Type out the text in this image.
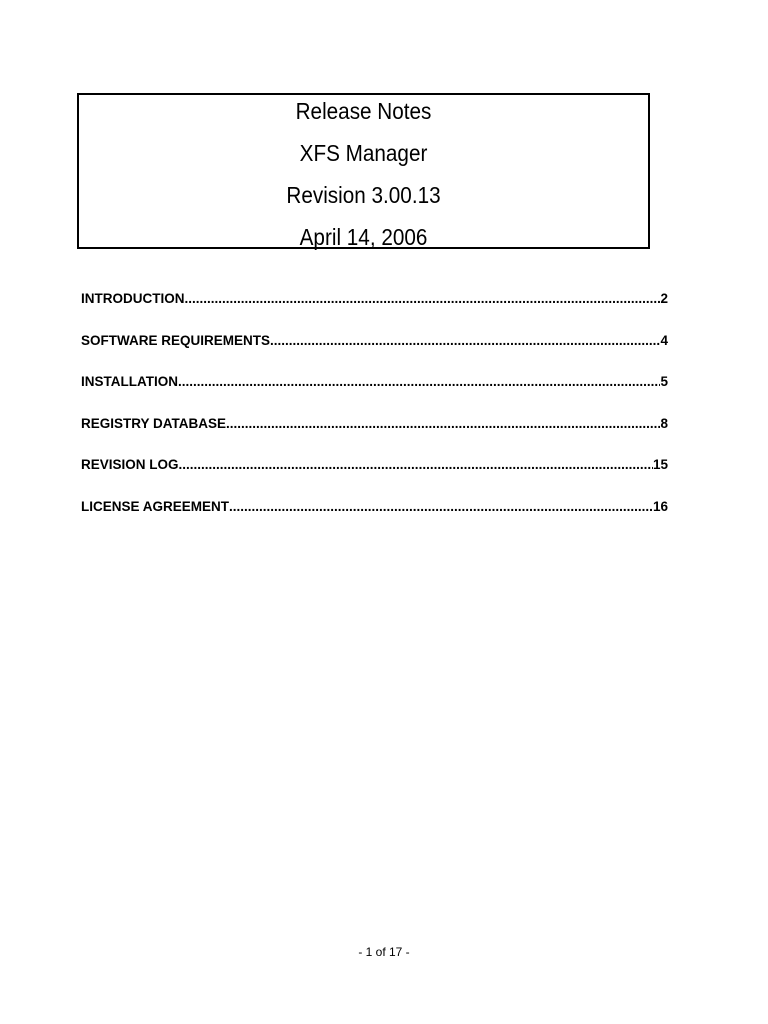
Release Notes
XFS Manager
Revision 3.00.13
April 14, 2006
INTRODUCTION .....	2
SOFTWARE REQUIREMENTS .....	4
INSTALLATION .....	5
REGISTRY DATABASE .....	8
REVISION LOG .....	15
LICENSE AGREEMENT .....	16
- 1 of 17 -
